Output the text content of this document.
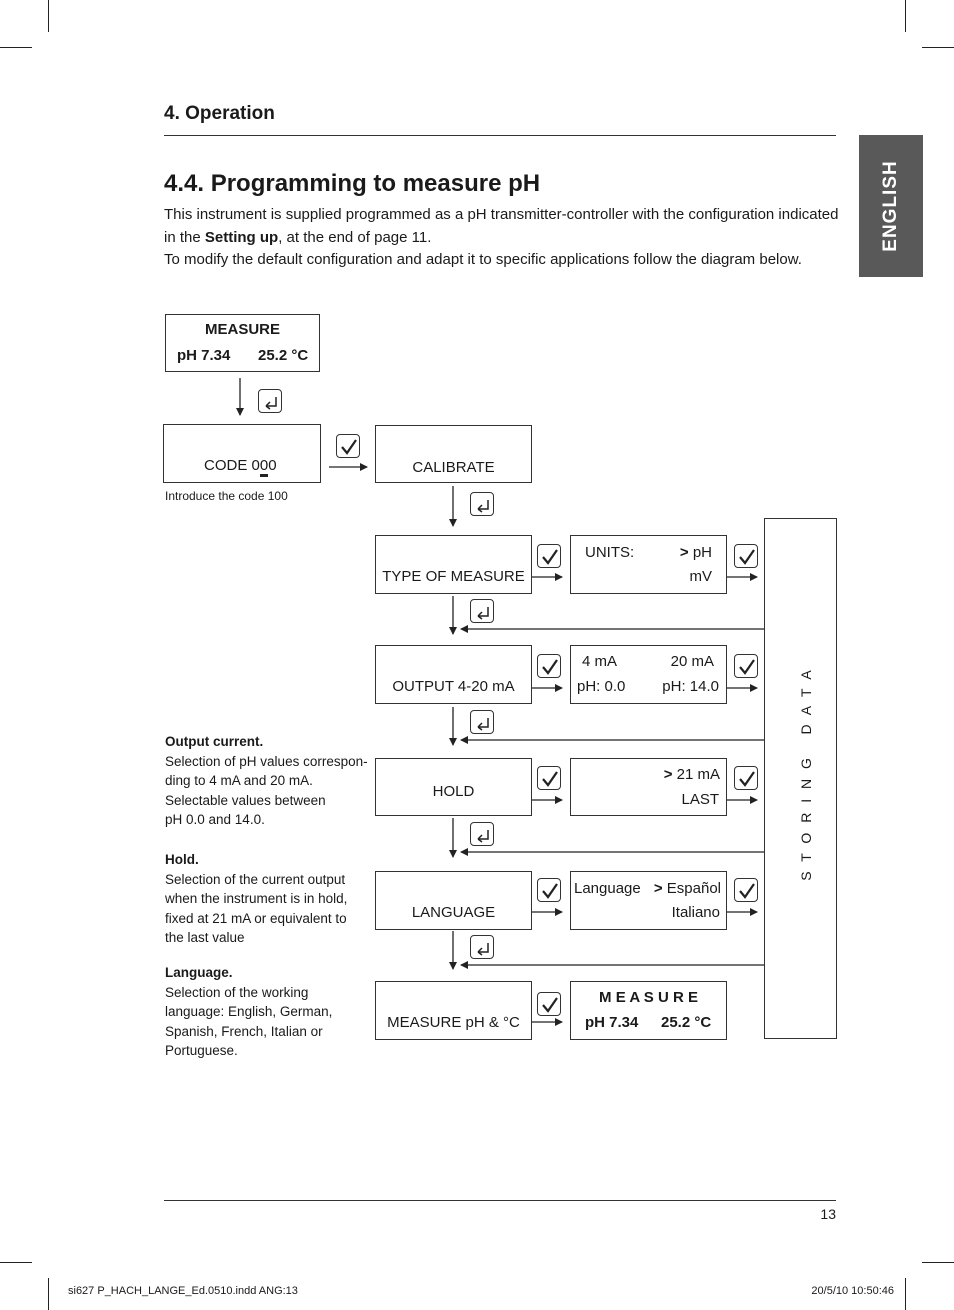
4. Operation
ENGLISH
4.4. Programming to measure pH
This instrument is supplied programmed as a pH transmitter-controller with the configuration indicated
in the Setting up, at the end of page 11.
To modify the default configuration and adapt it to specific applications follow the diagram below.
MEASURE
pH 7.34 25.2 °C
CODE 000
Introduce the code 100
CALIBRATE
S T O R I N G   D A T A
TYPE OF MEASURE
UNITS:	> pH
mV
OUTPUT 4-20 mA
4 mA	20 mA
pH: 0.0 pH: 14.0
HOLD
> 21 mA
LAST
LANGUAGE
Language > Español
Italiano
MEASURE pH & °C
M E A S U R E
pH 7.34 25.2 °C
Output current.
Selection of pH values correspon-
ding to 4 mA and 20 mA.
Selectable values between
pH 0.0 and 14.0.
Hold.
Selection of the current output
when the instrument is in hold,
fixed at 21 mA or equivalent to
the last value
Language.
Selection of the working
language: English, German,
Spanish, French, Italian or
Portuguese.
13
si627 P_HACH_LANGE_Ed.0510.indd ANG:13	20/5/10 10:50:46
